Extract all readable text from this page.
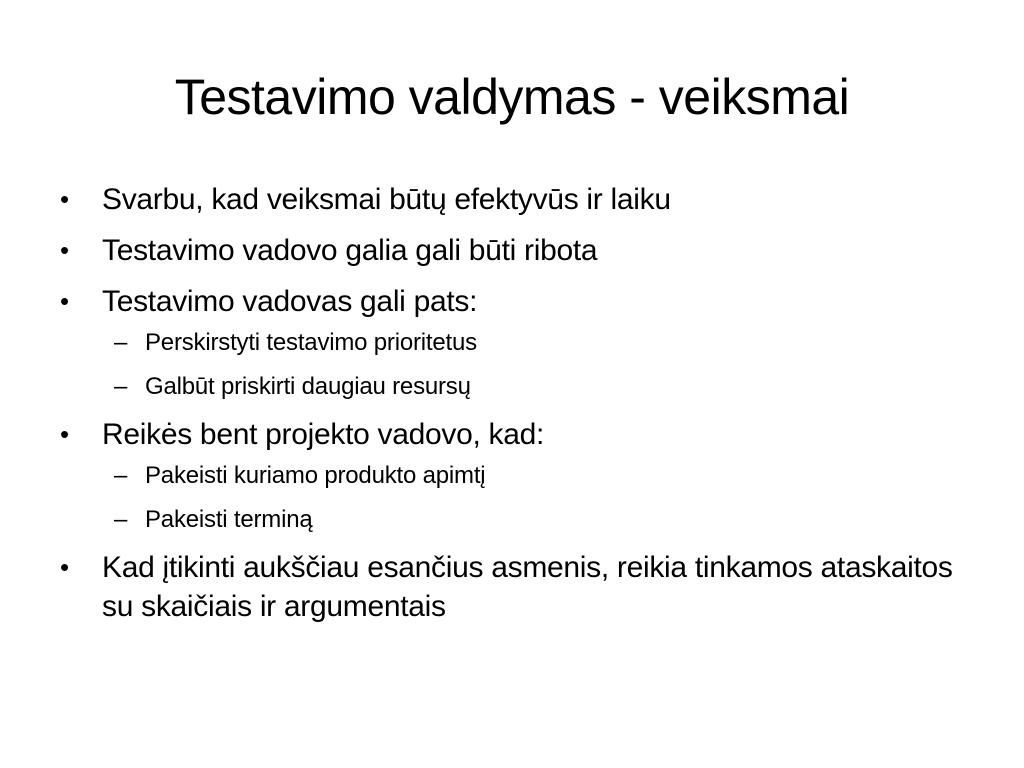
Testavimo valdymas - veiksmai
• Svarbu, kad veiksmai būtų efektyvūs ir laiku
• Testavimo vadovo galia gali būti ribota
• Testavimo vadovas gali pats:
– Perskirstyti testavimo prioritetus
– Galbūt priskirti daugiau resursų
• Reikės bent projekto vadovo, kad:
– Pakeisti kuriamo produkto apimtį
– Pakeisti terminą
• Kad įtikinti aukščiau esančius asmenis, reikia tinkamos ataskaitos su skaičiais ir argumentais
